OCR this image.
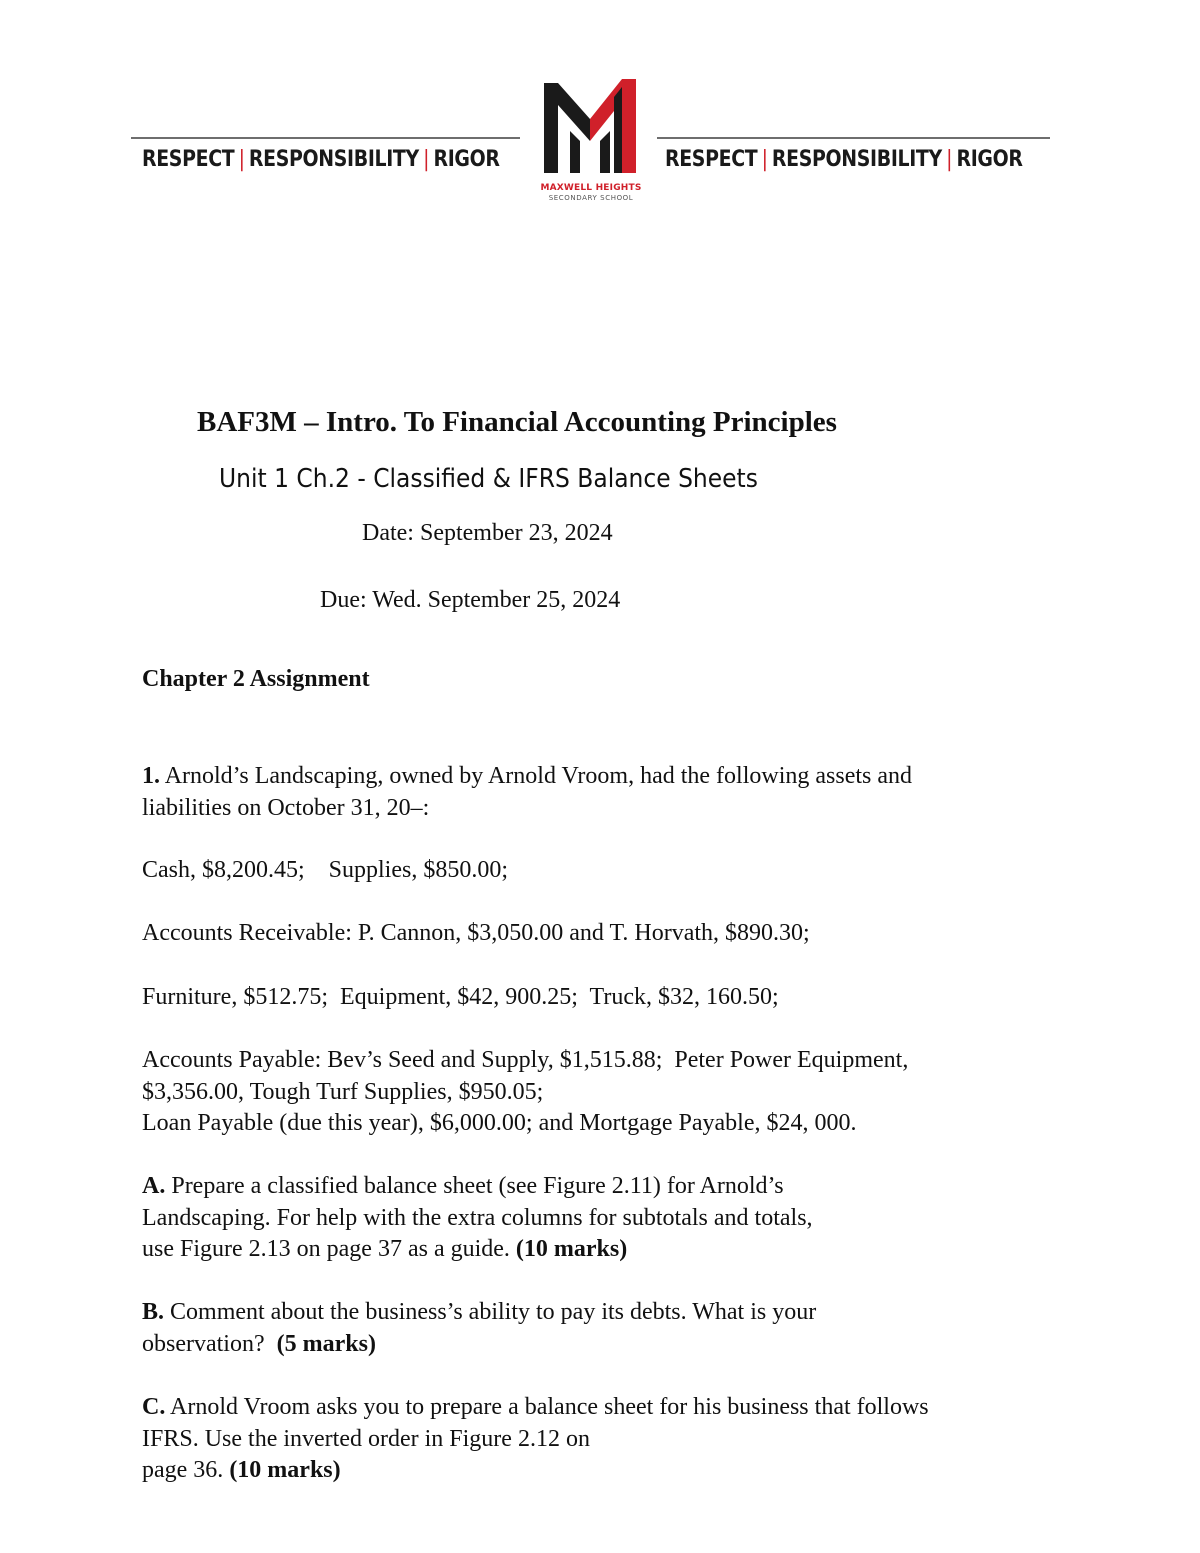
RESPECT | RESPONSIBILITY | RIGOR
MAXWELL HEIGHTS
SECONDARY SCHOOL
RESPECT | RESPONSIBILITY | RIGOR
BAF3M – Intro. To Financial Accounting Principles
Unit 1 Ch.2 - Classified & IFRS Balance Sheets
Date: September 23, 2024
Due: Wed. September 25, 2024
Chapter 2 Assignment
1. Arnold’s Landscaping, owned by Arnold Vroom, had the following assets and
liabilities on October 31, 20–:
Cash, $8,200.45;    Supplies, $850.00;
Accounts Receivable: P. Cannon, $3,050.00 and T. Horvath, $890.30;
Furniture, $512.75;  Equipment, $42, 900.25;  Truck, $32, 160.50;
Accounts Payable: Bev’s Seed and Supply, $1,515.88;  Peter Power Equipment,
$3,356.00, Tough Turf Supplies, $950.05;
Loan Payable (due this year), $6,000.00; and Mortgage Payable, $24, 000.
A. Prepare a classified balance sheet (see Figure 2.11) for Arnold’s
Landscaping. For help with the extra columns for subtotals and totals,
use Figure 2.13 on page 37 as a guide. (10 marks)
B. Comment about the business’s ability to pay its debts. What is your
observation?  (5 marks)
C. Arnold Vroom asks you to prepare a balance sheet for his business that follows
IFRS. Use the inverted order in Figure 2.12 on
page 36. (10 marks)
